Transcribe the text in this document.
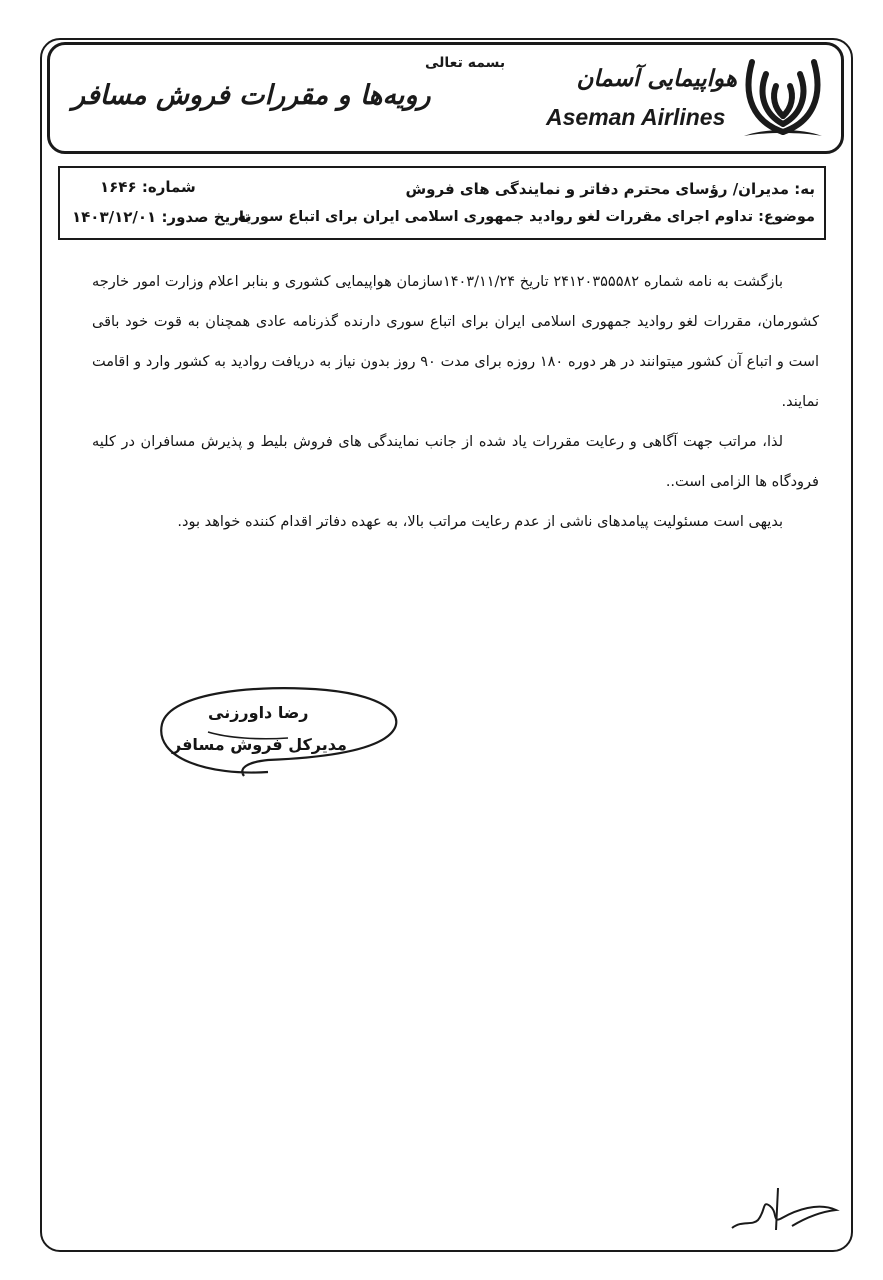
رویه‌ها و مقررات فروش مسافر
بسمه تعالی
هواپیمایی آسمان
Aseman Airlines
به: مدیران/ رؤسای محترم دفاتر و نمایندگی های فروش
موضوع: تداوم اجرای مقررات لغو روادید جمهوری اسلامی ایران برای اتباع سوریه
شماره: ۱۶۴۶
تاریخ صدور: ۱۴۰۳/۱۲/۰۱

بازگشت به نامه شماره ۲۴۱۲۰۳۵۵۵۸۲ تاریخ ۱۴۰۳/۱۱/۲۴سازمان هواپیمایی کشوری و بنابر اعلام وزارت امور خارجه کشورمان، مقررات لغو روادید جمهوری اسلامی ایران برای اتباع سوری دارنده گذرنامه عادی همچنان به قوت خود باقی است و اتباع آن کشور میتوانند در هر دوره ۱۸۰ روزه برای مدت ۹۰ روز بدون نیاز به دریافت روادید به کشور وارد و اقامت نمایند.

لذا، مراتب جهت آگاهی و رعایت مقررات یاد شده از جانب نمایندگی های فروش بلیط و پذیرش مسافران در کلیه فرودگاه ها الزامی است..

بدیهی است مسئولیت پیامدهای ناشی از عدم رعایت مراتب بالا، به عهده دفاتر اقدام کننده خواهد بود.

رضا داورزنی
مدیرکل فروش مسافر
